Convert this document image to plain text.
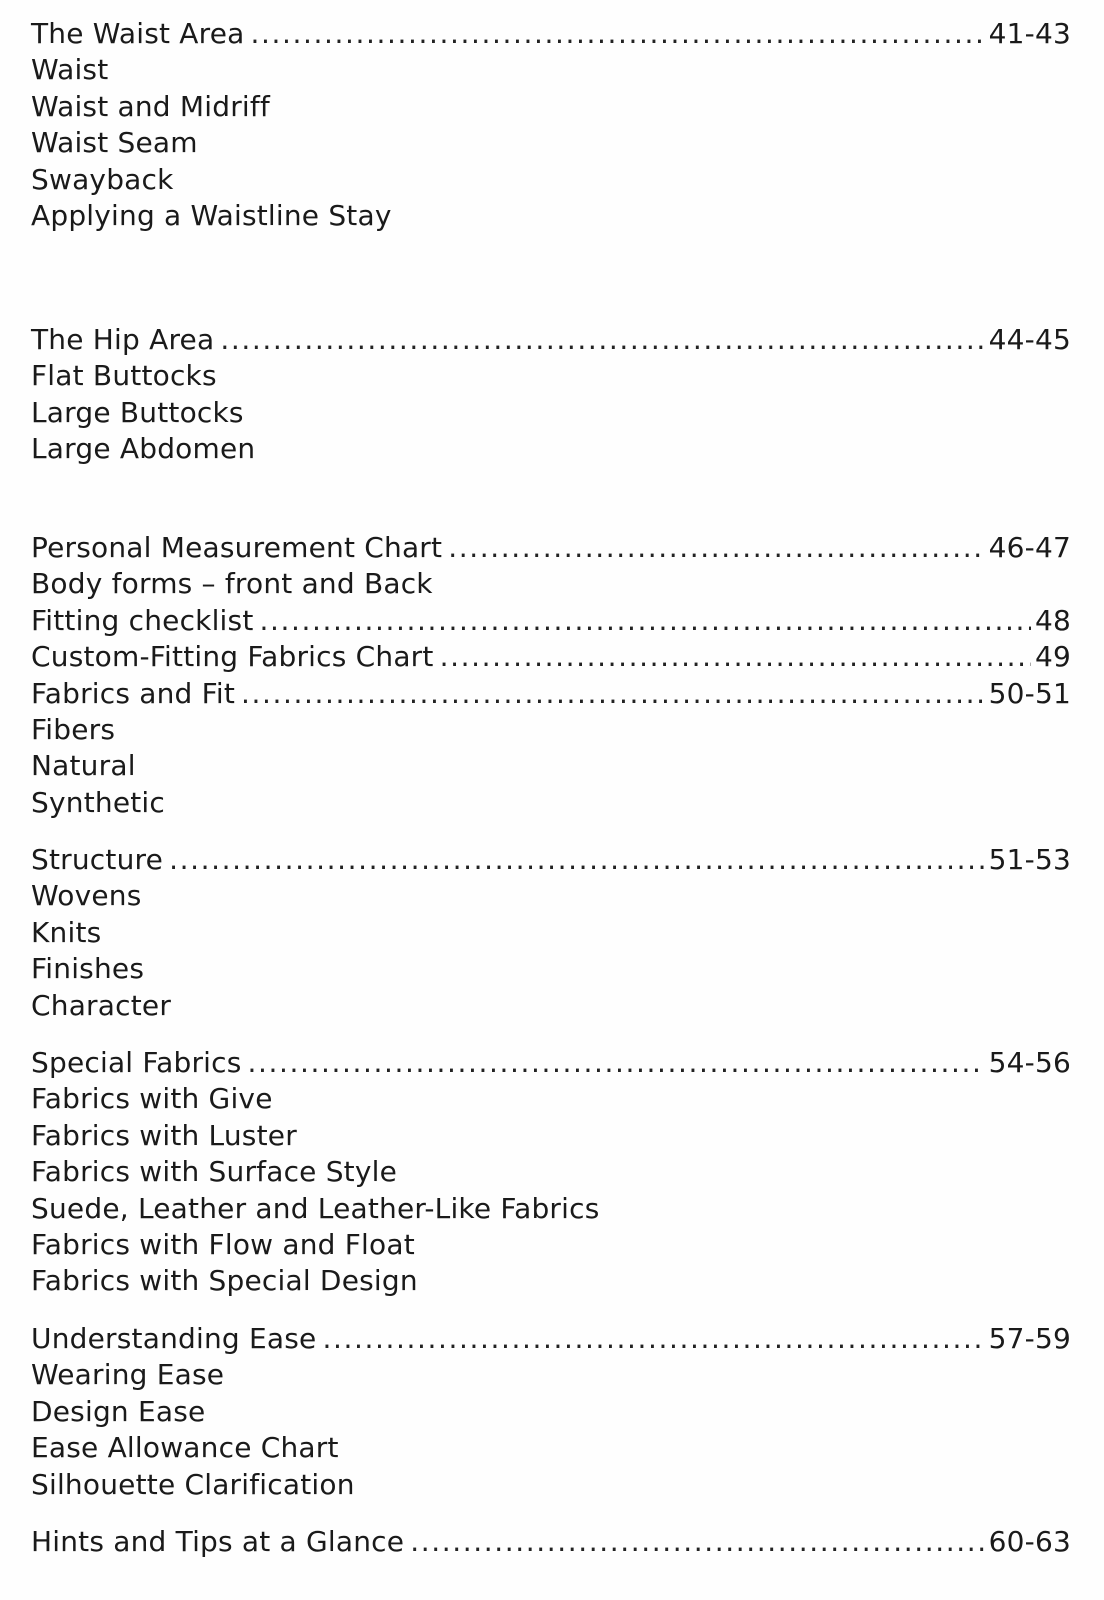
The Waist Area .....	41-43
Waist
Waist and Midriff
Waist Seam
Swayback
Applying a Waistline Stay
The Hip Area .....	44-45
Flat Buttocks
Large Buttocks
Large Abdomen
Personal Measurement Chart .....	46-47
Body forms – front and Back
Fitting checklist .....	48
Custom-Fitting Fabrics Chart .....	49
Fabrics and Fit .....	50-51
Fibers
Natural
Synthetic
Structure .....	51-53
Wovens
Knits
Finishes
Character
Special Fabrics .....	54-56
Fabrics with Give
Fabrics with Luster
Fabrics with Surface Style
Suede, Leather and Leather-Like Fabrics
Fabrics with Flow and Float
Fabrics with Special Design
Understanding Ease .....	57-59
Wearing Ease
Design Ease
Ease Allowance Chart
Silhouette Clarification
Hints and Tips at a Glance .....	60-63
